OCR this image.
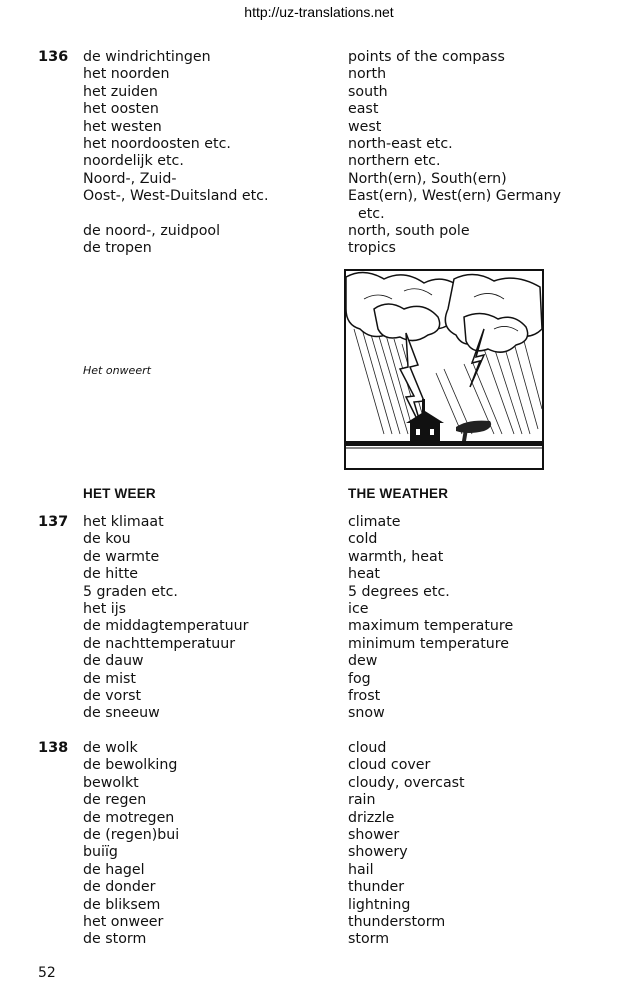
http://uz-translations.net
136 de windrichtingen
het noorden
het zuiden
het oosten
het westen
het noordoosten etc.
noordelijk etc.
Noord-, Zuid-
Oost-, West-Duitsland etc.
de noord-, zuidpool
de tropen
points of the compass
north
south
east
west
north-east etc.
northern etc.
North(ern), South(ern)
East(ern), West(ern) Germany
etc.
north, south pole
tropics
Het onweert
HET WEER	THE WEATHER
137 het klimaat
de kou
de warmte
de hitte
5 graden etc.
het ijs
de middagtemperatuur
de nachttemperatuur
de dauw
de mist
de vorst
de sneeuw
climate
cold
warmth, heat
heat
5 degrees etc.
ice
maximum temperature
minimum temperature
dew
fog
frost
snow
138 de wolk
de bewolking
bewolkt
de regen
de motregen
de (regen)bui
buiïg
de hagel
de donder
de bliksem
het onweer
de storm
cloud
cloud cover
cloudy, overcast
rain
drizzle
shower
showery
hail
thunder
lightning
thunderstorm
storm
52
